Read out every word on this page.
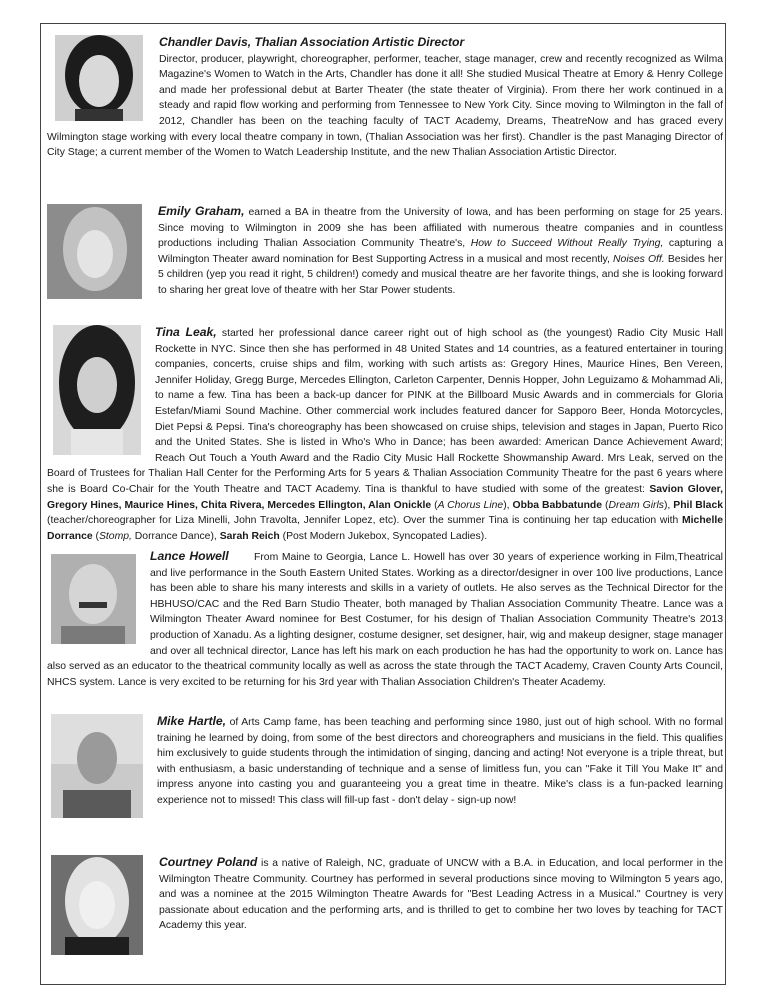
Chandler Davis, Thalian Association Artistic Director
Director, producer, playwright, choreographer, performer, teacher, stage manager, crew and recently recognized as Wilma Magazine's Women to Watch in the Arts, Chandler has done it all! She studied Musical Theatre at Emory & Henry College and made her professional debut at Barter Theater (the state theater of Virginia). From there her work continued in a steady and rapid flow working and performing from Tennessee to New York City. Since moving to Wilmington in the fall of 2012, Chandler has been on the teaching faculty of TACT Academy, Dreams, TheatreNow and has graced every Wilmington stage working with every local theatre company in town, (Thalian Association was her first). Chandler is the past Managing Director of City Stage; a current member of the Women to Watch Leadership Institute, and the new Thalian Association Artistic Director.
Emily Graham, earned a BA in theatre from the University of Iowa, and has been performing on stage for 25 years. Since moving to Wilmington in 2009 she has been affiliated with numerous theatre companies and in countless productions including Thalian Association Community Theatre's, How to Succeed Without Really Trying, capturing a Wilmington Theater award nomination for Best Supporting Actress in a musical and most recently, Noises Off. Besides her 5 children (yep you read it right, 5 children!) comedy and musical theatre are her favorite things, and she is looking forward to sharing her great love of theatre with her Star Power students.
Tina Leak, started her professional dance career right out of high school as (the youngest) Radio City Music Hall Rockette in NYC. Since then she has performed in 48 United States and 14 countries, as a featured entertainer in touring companies, concerts, cruise ships and film, working with such artists as: Gregory Hines, Maurice Hines, Ben Vereen, Jennifer Holiday, Gregg Burge, Mercedes Ellington, Carleton Carpenter, Dennis Hopper, John Leguizamo & Mohammad Ali, to name a few. Tina has been a back-up dancer for PINK at the Billboard Music Awards and in commercials for Gloria Estefan/Miami Sound Machine. Other commercial work includes featured dancer for Sapporo Beer, Honda Motorcycles, Diet Pepsi & Pepsi. Tina's choreography has been showcased on cruise ships, television and stages in Japan, Puerto Rico and the United States. She is listed in Who's Who in Dance; has been awarded: American Dance Achievement Award; Reach Out Touch a Youth Award and the Radio City Music Hall Rockette Showmanship Award. Mrs Leak, served on the Board of Trustees for Thalian Hall Center for the Performing Arts for 5 years & Thalian Association Community Theatre for the past 6 years where she is Board Co-Chair for the Youth Theatre and TACT Academy. Tina is thankful to have studied with some of the greatest: Savion Glover, Gregory Hines, Maurice Hines, Chita Rivera, Mercedes Ellington, Alan Onickle (A Chorus Line), Obba Babbatunde (Dream Girls), Phil Black (teacher/choreographer for Liza Minelli, John Travolta, Jennifer Lopez, etc). Over the summer Tina is continuing her tap education with Michelle Dorrance (Stomp, Dorrance Dance), Sarah Reich (Post Modern Jukebox, Syncopated Ladies).
Lance Howell From Maine to Georgia, Lance L. Howell has over 30 years of experience working in Film,Theatrical and live performance in the South Eastern United States. Working as a director/designer in over 100 live productions, Lance has been able to share his many interests and skills in a variety of outlets. He also serves as the Technical Director for the HBHUSO/CAC and the Red Barn Studio Theater, both managed by Thalian Association Community Theatre. Lance was a Wilmington Theater Award nominee for Best Costumer, for his design of Thalian Association Community Theatre's 2013 production of Xanadu. As a lighting designer, costume designer, set designer, hair, wig and makeup designer, stage manager and over all technical director, Lance has left his mark on each production he has had the opportunity to work on. Lance has also served as an educator to the theatrical community locally as well as across the state through the TACT Academy, Craven County Arts Council, NHCS system. Lance is very excited to be returning for his 3rd year with Thalian Association Children's Theater Academy.
Mike Hartle, of Arts Camp fame, has been teaching and performing since 1980, just out of high school. With no formal training he learned by doing, from some of the best directors and choreographers and musicians in the field. This qualifies him exclusively to guide students through the intimidation of singing, dancing and acting! Not everyone is a triple threat, but with enthusiasm, a basic understanding of technique and a sense of limitless fun, you can "Fake it Till You Make It" and impress anyone into casting you and guaranteeing you a great time in theatre. Mike's class is a fun-packed learning experience not to missed! This class will fill-up fast - don't delay - sign-up now!
Courtney Poland is a native of Raleigh, NC, graduate of UNCW with a B.A. in Education, and local performer in the Wilmington Theatre Community. Courtney has performed in several productions since moving to Wilmington 5 years ago, and was a nominee at the 2015 Wilmington Theatre Awards for "Best Leading Actress in a Musical." Courtney is very passionate about education and the performing arts, and is thrilled to get to combine her two loves by teaching for TACT Academy this year.
